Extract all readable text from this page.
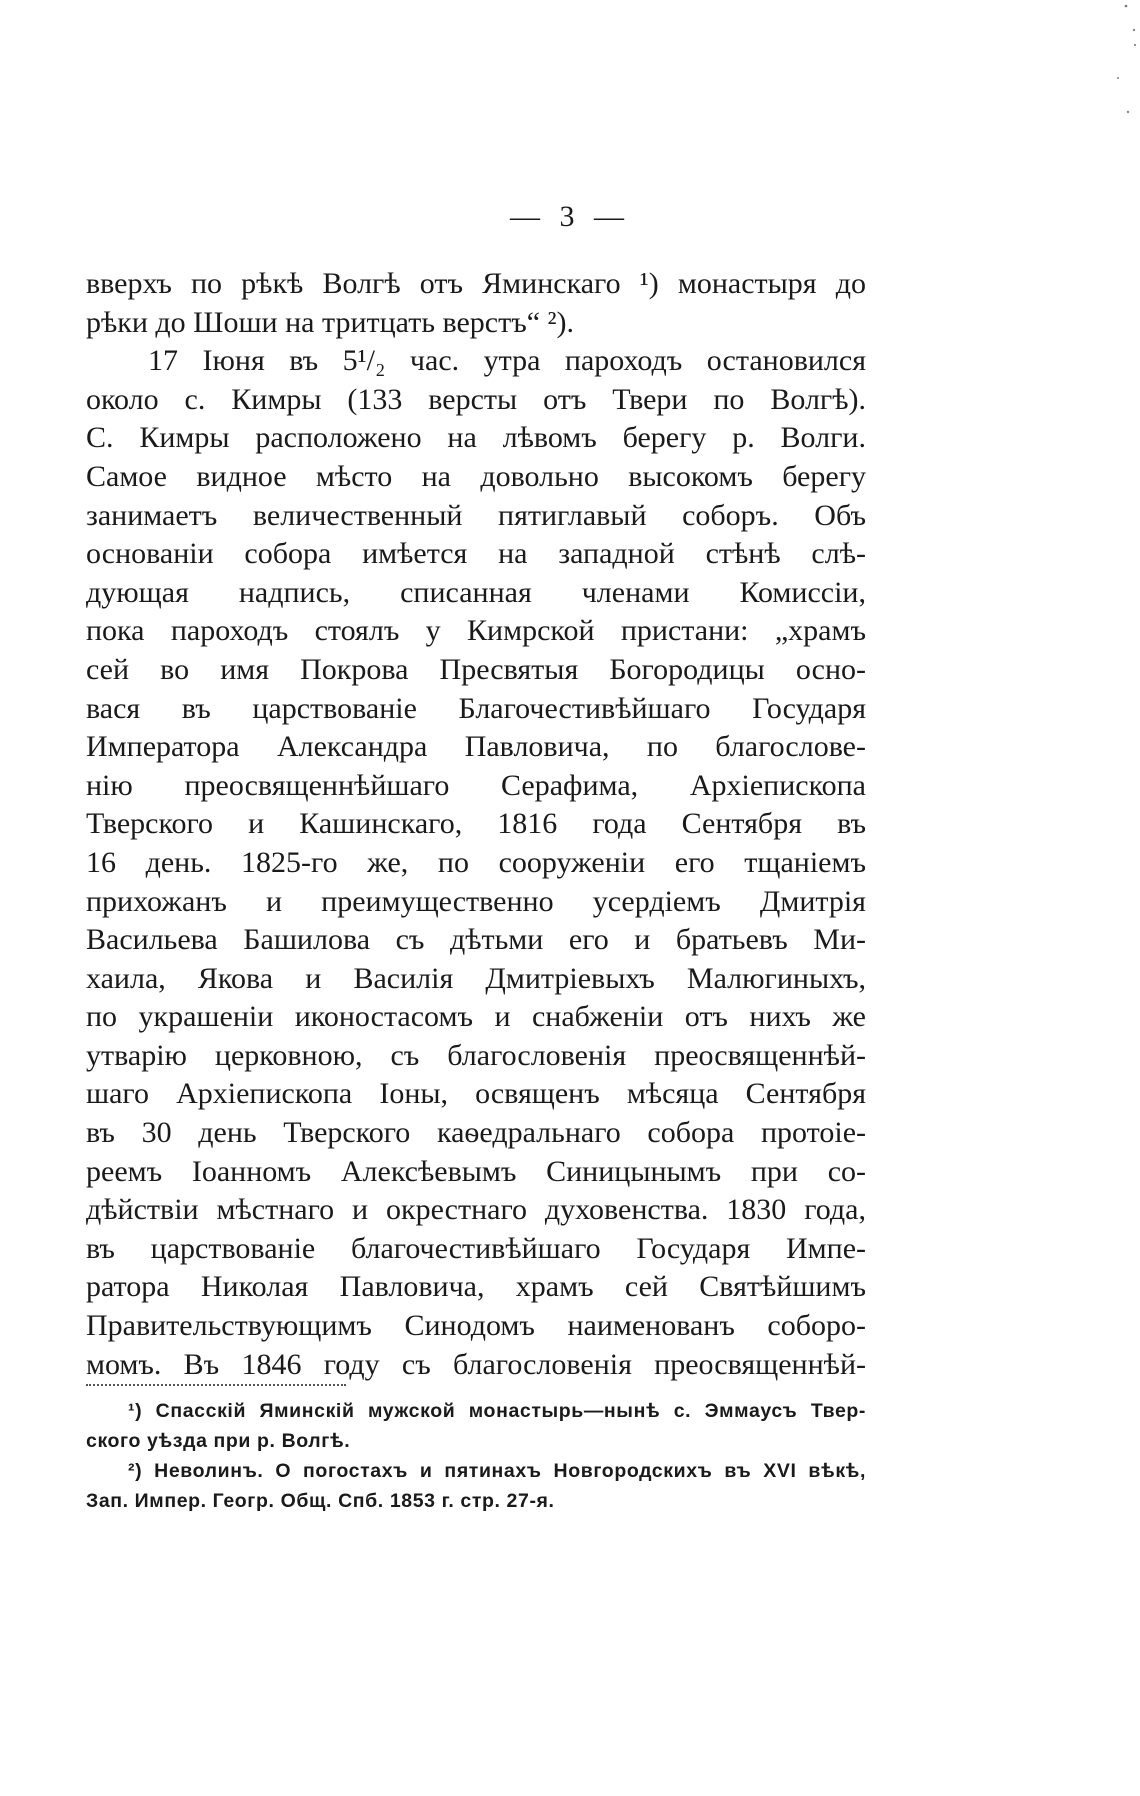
— 3 —
вверхъ по рѣкѣ Волгѣ отъ Яминскаго ¹) монастыря до
рѣки до Шоши на тритцать верстъ“ ²).
17 Іюня въ 5¹/₂ час. утра пароходъ остановился
около с. Кимры (133 версты отъ Твери по Волгѣ).
С. Кимры расположено на лѣвомъ берегу р. Волги.
Самое видное мѣсто на довольно высокомъ берегу
занимаетъ величественный пятиглавый соборъ. Объ
основаніи собора имѣется на западной стѣнѣ слѣ-
дующая надпись, списанная членами Комиссіи,
пока пароходъ стоялъ у Кимрской пристани: „храмъ
сей во имя Покрова Пресвятыя Богородицы осно-
вася въ царствованіе Благочестивѣйшаго Государя
Императора Александра Павловича, по благослове-
нію преосвященнѣйшаго Серафима, Архіепископа
Тверского и Кашинскаго, 1816 года Сентября въ
16 день. 1825-го же, по сооруженіи его тщаніемъ
прихожанъ и преимущественно усердіемъ Дмитрія
Васильева Башилова съ дѣтьми его и братьевъ Ми-
хаила, Якова и Василія Дмитріевыхъ Малюгиныхъ,
по украшеніи иконостасомъ и снабженіи отъ нихъ же
утварію церковною, съ благословенія преосвященнѣй-
шаго Архіепископа Іоны, освященъ мѣсяца Сентября
въ 30 день Тверского каѳедральнаго собора протоіе-
реемъ Іоанномъ Алексѣевымъ Синицынымъ при со-
дѣйствіи мѣстнаго и окрестнаго духовенства. 1830 года,
въ царствованіе благочестивѣйшаго Государя Импе-
ратора Николая Павловича, храмъ сей Святѣйшимъ
Правительствующимъ Синодомъ наименованъ соборо-
момъ. Въ 1846 году съ благословенія преосвященнѣй-
¹) Спасскій Яминскій мужской монастырь—нынѣ с. Эммаусъ Твер-
ского уѣзда при р. Волгѣ.
²) Неволинъ. О погостахъ и пятинахъ Новгородскихъ въ XVI вѣкѣ,
Зап. Импер. Геогр. Общ. Спб. 1853 г. стр. 27-я.
